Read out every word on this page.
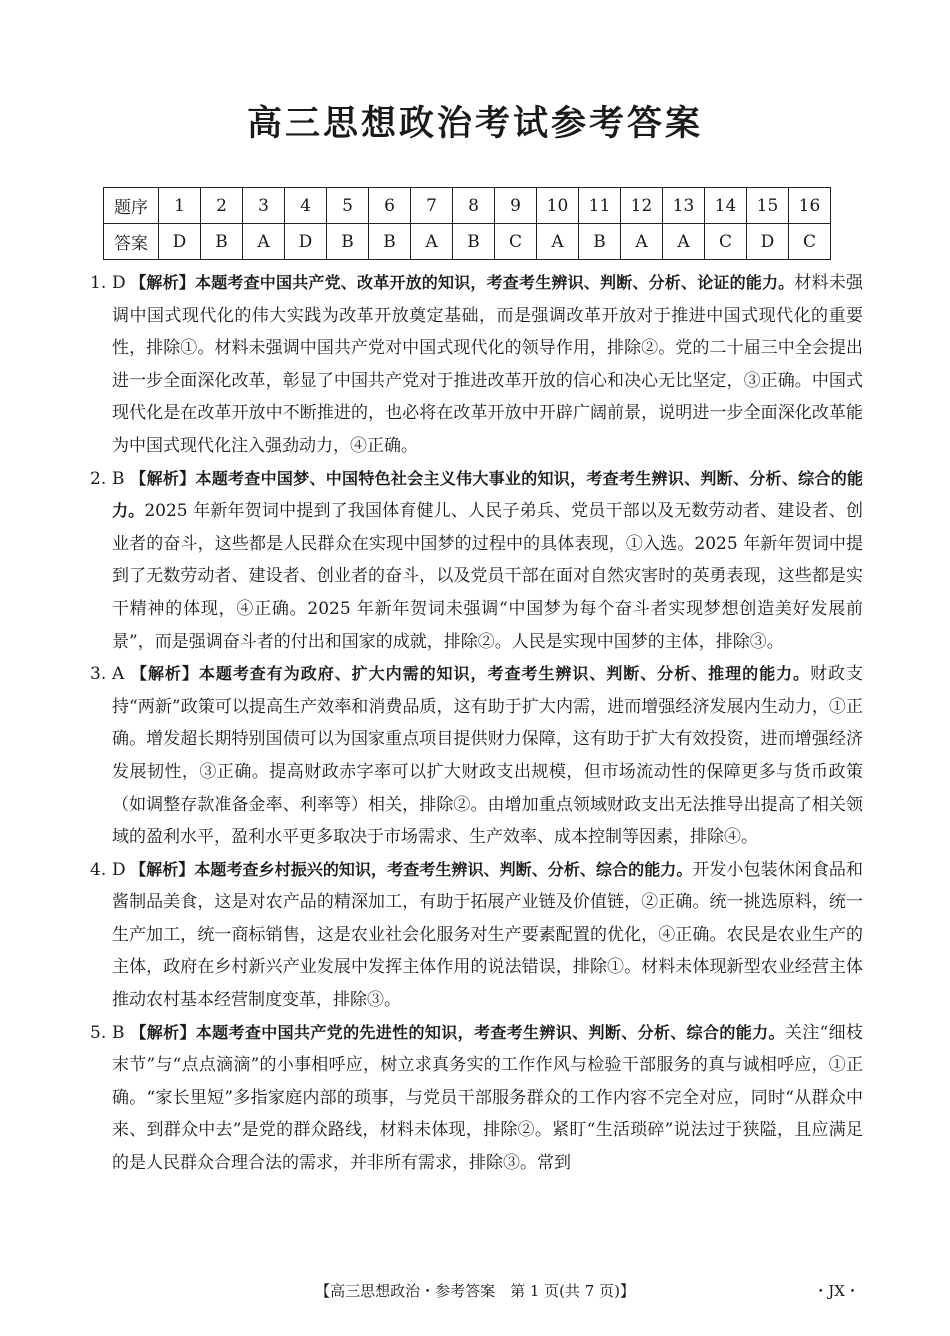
高三思想政治考试参考答案
题序	1	2	3	4	5	6	7	8	9	10	11	12	13	14	15	16
答案	D	B	A	D	B	B	A	B	C	A	B	A	A	C	D	C
1. D 【解析】本题考查中国共产党、改革开放的知识，考查考生辨识、判断、分析、论证的能力。材料未强调中国式现代化的伟大实践为改革开放奠定基础，而是强调改革开放对于推进中国式现代化的重要性，排除①。材料未强调中国共产党对中国式现代化的领导作用，排除②。党的二十届三中全会提出进一步全面深化改革，彰显了中国共产党对于推进改革开放的信心和决心无比坚定，③正确。中国式现代化是在改革开放中不断推进的，也必将在改革开放中开辟广阔前景，说明进一步全面深化改革能为中国式现代化注入强劲动力，④正确。
2. B 【解析】本题考查中国梦、中国特色社会主义伟大事业的知识，考查考生辨识、判断、分析、综合的能力。2025 年新年贺词中提到了我国体育健儿、人民子弟兵、党员干部以及无数劳动者、建设者、创业者的奋斗，这些都是人民群众在实现中国梦的过程中的具体表现，①入选。2025 年新年贺词中提到了无数劳动者、建设者、创业者的奋斗，以及党员干部在面对自然灾害时的英勇表现，这些都是实干精神的体现，④正确。2025 年新年贺词未强调“中国梦为每个奋斗者实现梦想创造美好发展前景”，而是强调奋斗者的付出和国家的成就，排除②。人民是实现中国梦的主体，排除③。
3. A 【解析】本题考查有为政府、扩大内需的知识，考查考生辨识、判断、分析、推理的能力。财政支持“两新”政策可以提高生产效率和消费品质，这有助于扩大内需，进而增强经济发展内生动力，①正确。增发超长期特别国债可以为国家重点项目提供财力保障，这有助于扩大有效投资，进而增强经济发展韧性，③正确。提高财政赤字率可以扩大财政支出规模，但市场流动性的保障更多与货币政策（如调整存款准备金率、利率等）相关，排除②。由增加重点领域财政支出无法推导出提高了相关领域的盈利水平，盈利水平更多取决于市场需求、生产效率、成本控制等因素，排除④。
4. D 【解析】本题考查乡村振兴的知识，考查考生辨识、判断、分析、综合的能力。开发小包装休闲食品和酱制品美食，这是对农产品的精深加工，有助于拓展产业链及价值链，②正确。统一挑选原料，统一生产加工，统一商标销售，这是农业社会化服务对生产要素配置的优化，④正确。农民是农业生产的主体，政府在乡村新兴产业发展中发挥主体作用的说法错误，排除①。材料未体现新型农业经营主体推动农村基本经营制度变革，排除③。
5. B 【解析】本题考查中国共产党的先进性的知识，考查考生辨识、判断、分析、综合的能力。关注“细枝末节”与“点点滴滴”的小事相呼应，树立求真务实的工作作风与检验干部服务的真与诚相呼应，①正确。“家长里短”多指家庭内部的琐事，与党员干部服务群众的工作内容不完全对应，同时“从群众中来、到群众中去”是党的群众路线，材料未体现，排除②。紧盯“生活琐碎”说法过于狭隘，且应满足的是人民群众合理合法的需求，并非所有需求，排除③。常到
【高三思想政治・参考答案　第 1 页(共 7 页)】	・JX・
